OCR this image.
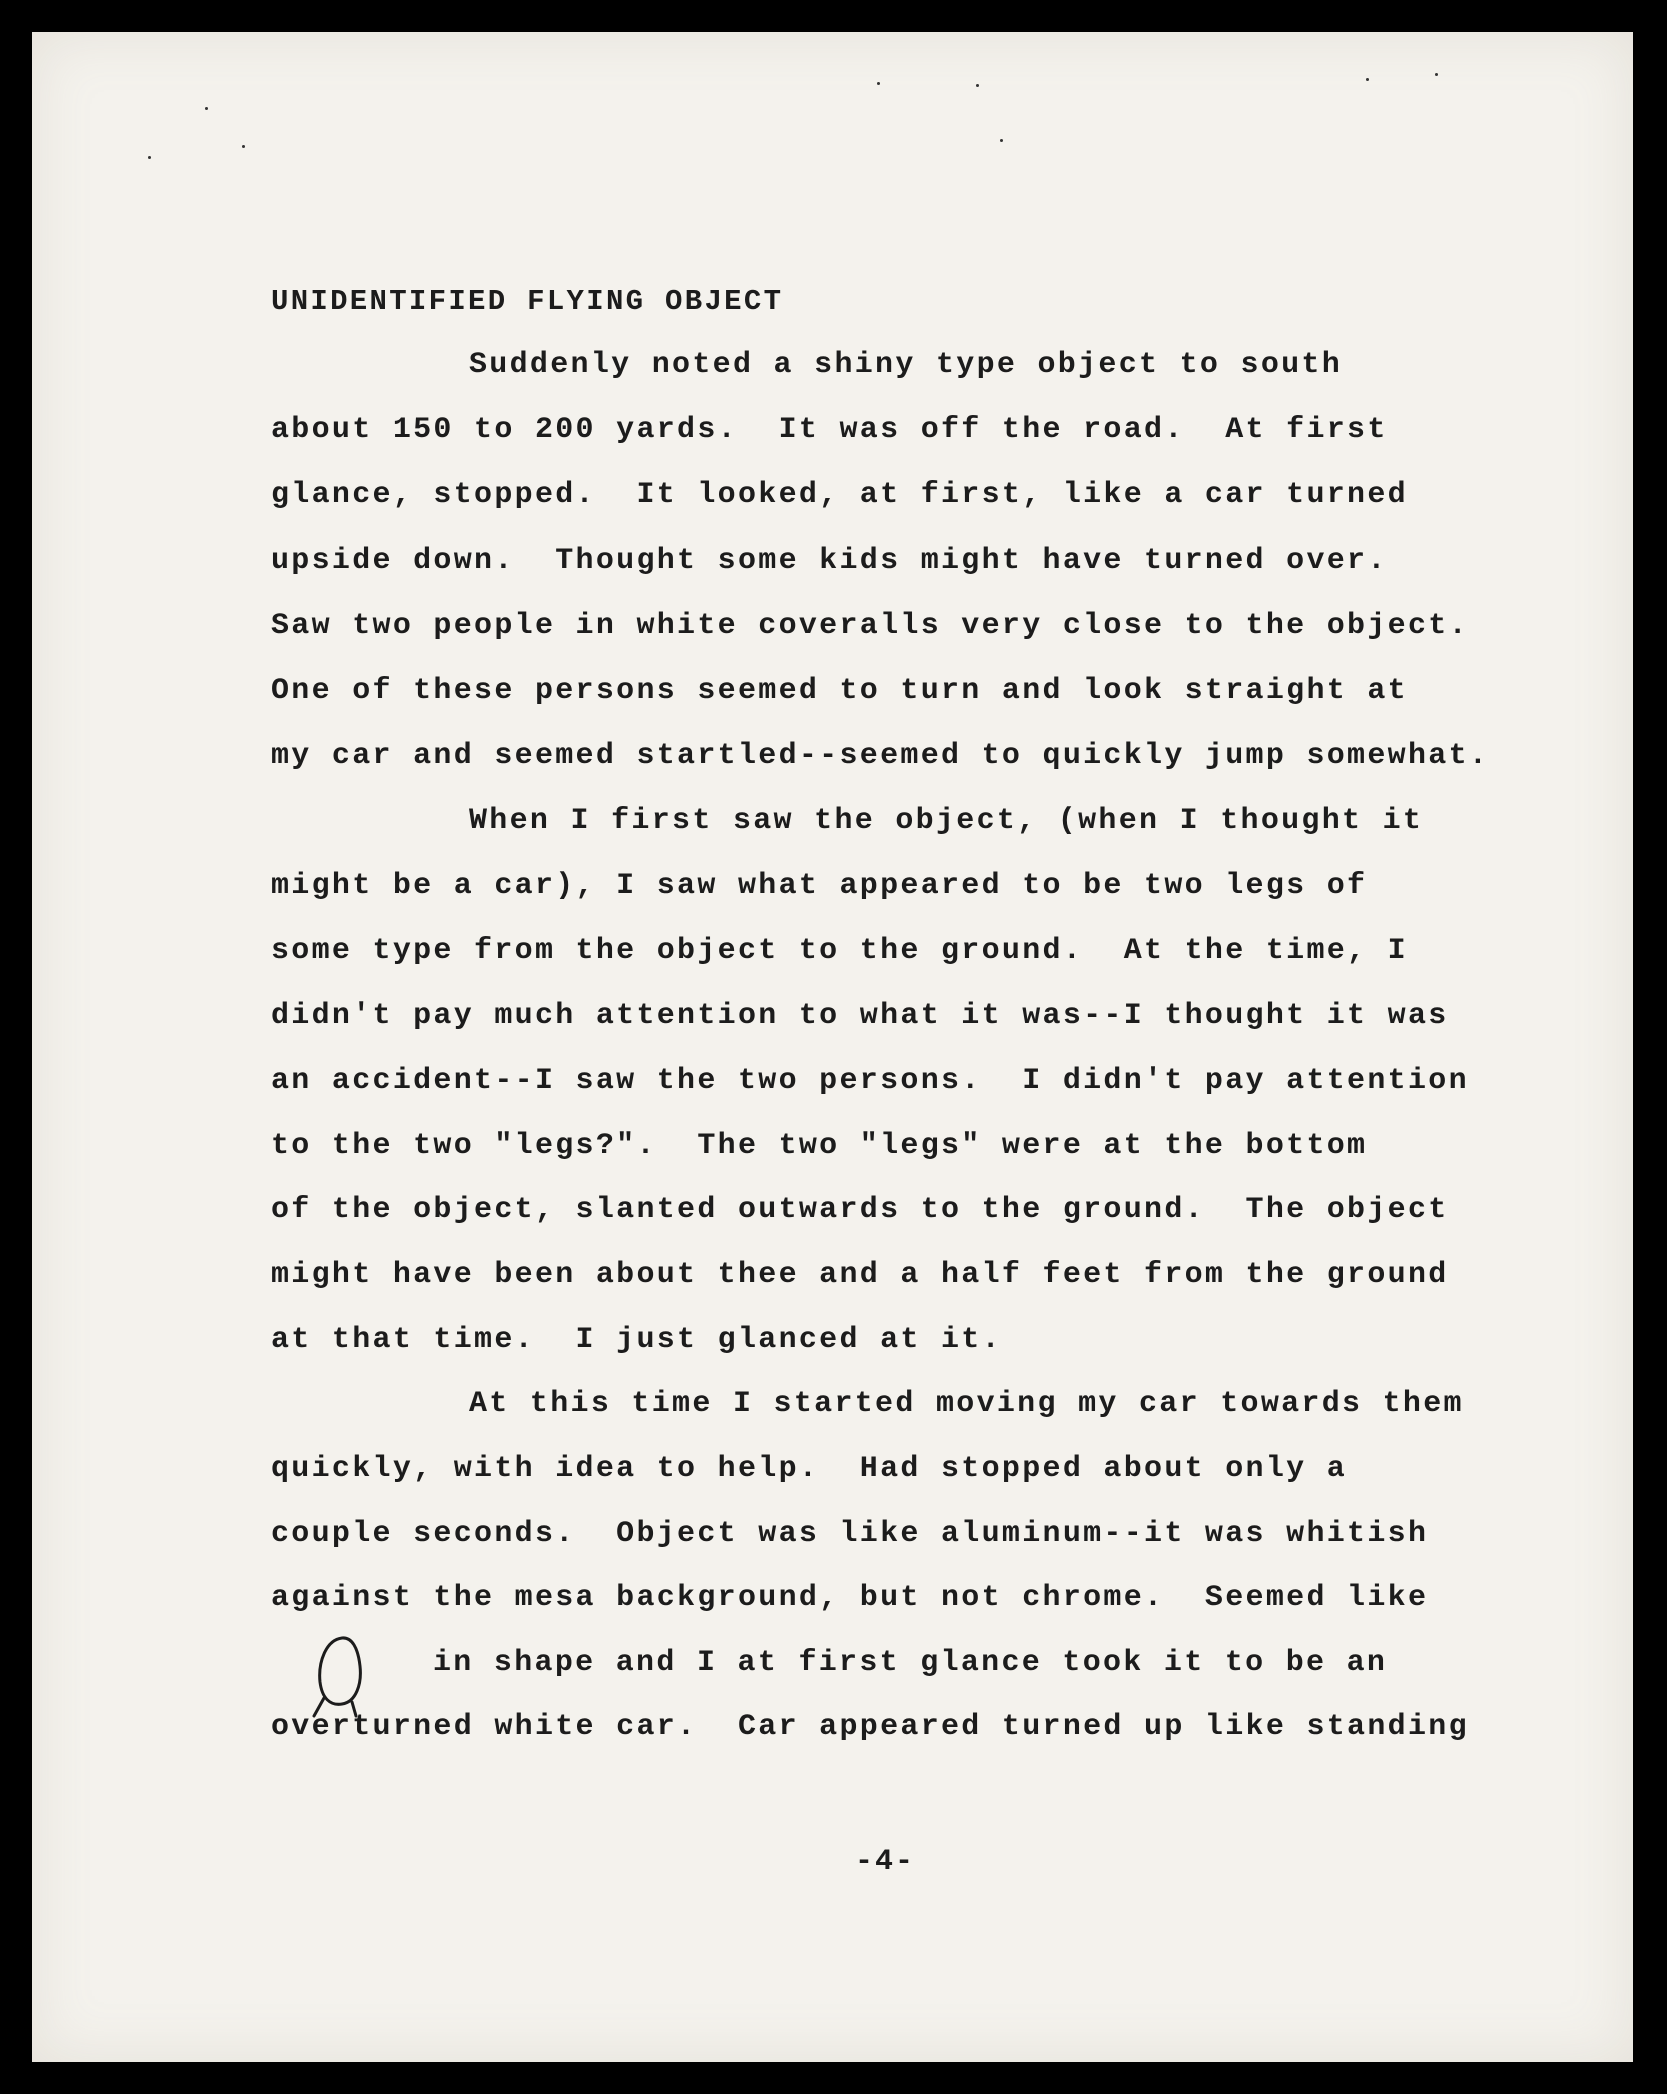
UNIDENTIFIED FLYING OBJECT

Suddenly noted a shiny type object to south

about 150 to 200 yards.  It was off the road.  At first

glance, stopped.  It looked, at first, like a car turned

upside down.  Thought some kids might have turned over.

Saw two people in white coveralls very close to the object.

One of these persons seemed to turn and look straight at

my car and seemed startled--seemed to quickly jump somewhat.

When I first saw the object, (when I thought it

might be a car), I saw what appeared to be two legs of

some type from the object to the ground.  At the time, I

didn't pay much attention to what it was--I thought it was

an accident--I saw the two persons.  I didn't pay attention

to the two "legs?".  The two "legs" were at the bottom

of the object, slanted outwards to the ground.  The object

might have been about thee and a half feet from the ground

at that time.  I just glanced at it.

At this time I started moving my car towards them

quickly, with idea to help.  Had stopped about only a

couple seconds.  Object was like aluminum--it was whitish

against the mesa background, but not chrome.  Seemed like

in shape and I at first glance took it to be an

overturned white car.  Car appeared turned up like standing

-4-
